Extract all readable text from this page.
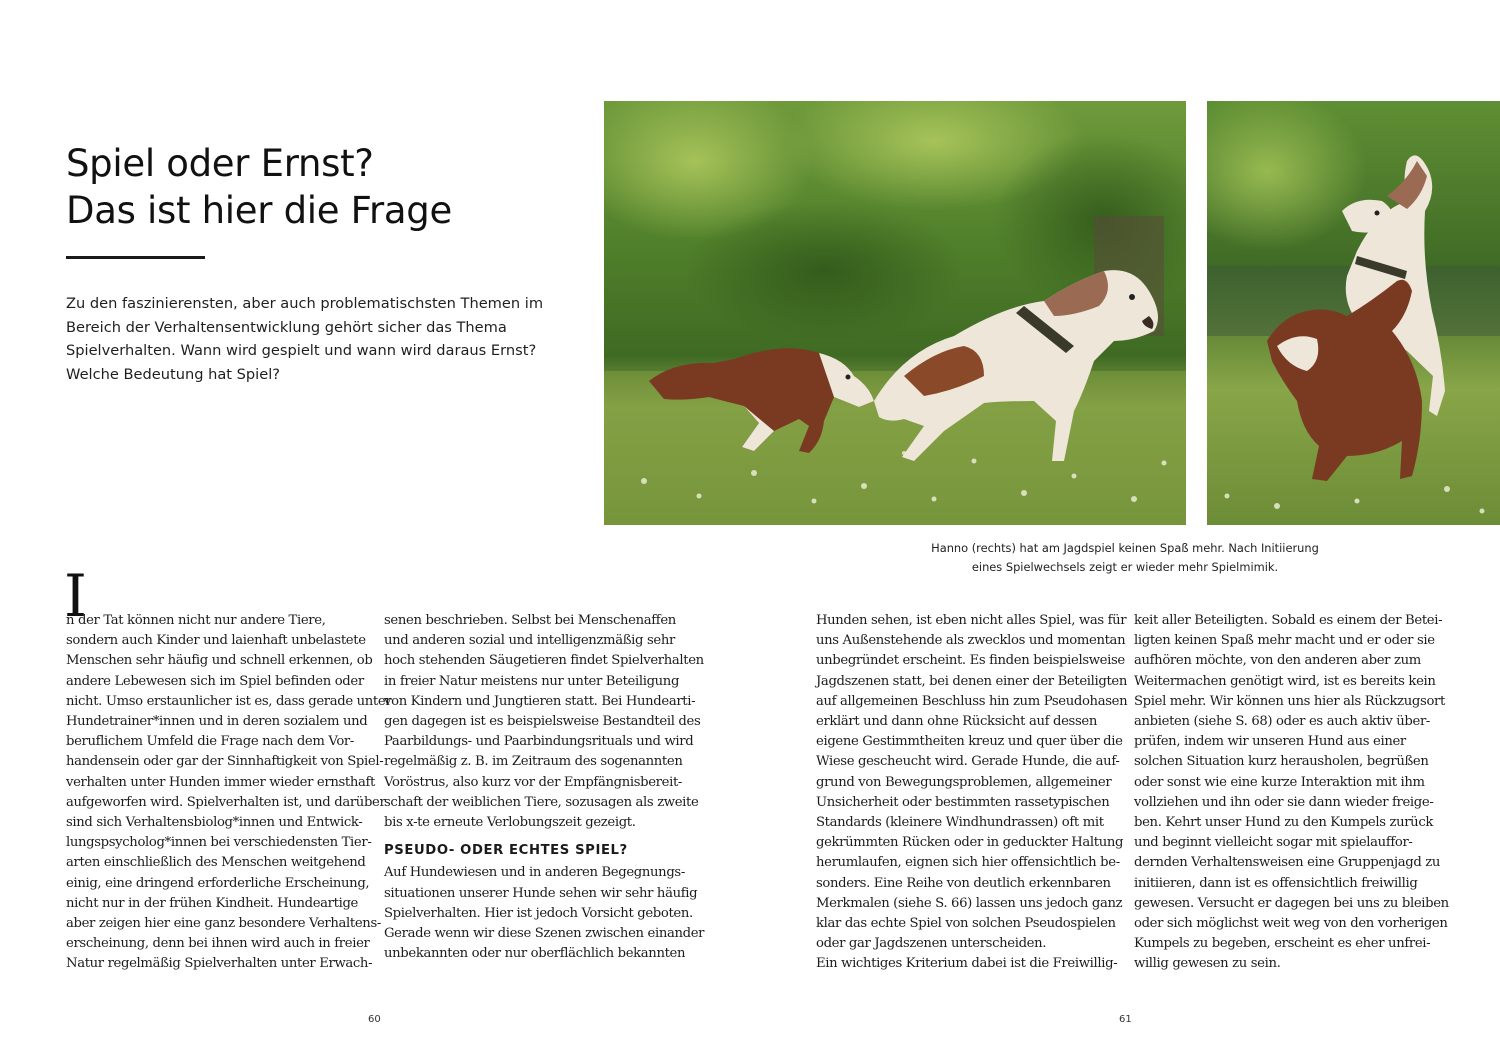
Spiel oder Ernst?
Das ist hier die Frage

Zu den faszinierensten, aber auch problematischsten Themen im
Bereich der Verhaltensentwicklung gehört sicher das Thema
Spielverhalten. Wann wird gespielt und wann wird daraus Ernst?
Welche Bedeutung hat Spiel?

Hanno (rechts) hat am Jagdspiel keinen Spaß mehr. Nach Initiierung
eines Spielwechsels zeigt er wieder mehr Spielmimik.

I
n der Tat können nicht nur andere Tiere,
sondern auch Kinder und laienhaft unbelastete
Menschen sehr häufig und schnell erkennen, ob
andere Lebewesen sich im Spiel befinden oder
nicht. Umso erstaunlicher ist es, dass gerade unter
Hundetrainer*innen und in deren sozialem und
beruflichem Umfeld die Frage nach dem Vor-
handensein oder gar der Sinnhaftigkeit von Spiel-
verhalten unter Hunden immer wieder ernsthaft
aufgeworfen wird. Spielverhalten ist, und darüber
sind sich Verhaltensbiolog*innen und Entwick-
lungspsycholog*innen bei verschiedensten Tier-
arten einschließlich des Menschen weitgehend
einig, eine dringend erforderliche Erscheinung,
nicht nur in der frühen Kindheit. Hundeartige
aber zeigen hier eine ganz besondere Verhaltens-
erscheinung, denn bei ihnen wird auch in freier
Natur regelmäßig Spielverhalten unter Erwach-
senen beschrieben. Selbst bei Menschenaffen
und anderen sozial und intelligenzmäßig sehr
hoch stehenden Säugetieren findet Spielverhalten
in freier Natur meistens nur unter Beteiligung
von Kindern und Jungtieren statt. Bei Hundearti-
gen dagegen ist es beispielsweise Bestandteil des
Paarbildungs- und Paarbindungsrituals und wird
regelmäßig z. B. im Zeitraum des sogenannten
Voröstrus, also kurz vor der Empfängnisbereit-
schaft der weiblichen Tiere, sozusagen als zweite
bis x-te erneute Verlobungszeit gezeigt.
PSEUDO- ODER ECHTES SPIEL?
Auf Hundewiesen und in anderen Begegnungs-
situationen unserer Hunde sehen wir sehr häufig
Spielverhalten. Hier ist jedoch Vorsicht geboten.
Gerade wenn wir diese Szenen zwischen einander
unbekannten oder nur oberflächlich bekannten
Hunden sehen, ist eben nicht alles Spiel, was für
uns Außenstehende als zwecklos und momentan
unbegründet erscheint. Es finden beispielsweise
Jagdszenen statt, bei denen einer der Beteiligten
auf allgemeinen Beschluss hin zum Pseudohasen
erklärt und dann ohne Rücksicht auf dessen
eigene Gestimmtheiten kreuz und quer über die
Wiese gescheucht wird. Gerade Hunde, die auf-
grund von Bewegungsproblemen, allgemeiner
Unsicherheit oder bestimmten rassetypischen
Standards (kleinere Windhundrassen) oft mit
gekrümmten Rücken oder in geduckter Haltung
herumlaufen, eignen sich hier offensichtlich be-
sonders. Eine Reihe von deutlich erkennbaren
Merkmalen (siehe S. 66) lassen uns jedoch ganz
klar das echte Spiel von solchen Pseudospielen
oder gar Jagdszenen unterscheiden.
Ein wichtiges Kriterium dabei ist die Freiwillig-
keit aller Beteiligten. Sobald es einem der Betei-
ligten keinen Spaß mehr macht und er oder sie
aufhören möchte, von den anderen aber zum
Weitermachen genötigt wird, ist es bereits kein
Spiel mehr. Wir können uns hier als Rückzugsort
anbieten (siehe S. 68) oder es auch aktiv über-
prüfen, indem wir unseren Hund aus einer
solchen Situation kurz herausholen, begrüßen
oder sonst wie eine kurze Interaktion mit ihm
vollziehen und ihn oder sie dann wieder freige-
ben. Kehrt unser Hund zu den Kumpels zurück
und beginnt vielleicht sogar mit spielauffor-
dernden Verhaltensweisen eine Gruppenjagd zu
initiieren, dann ist es offensichtlich freiwillig
gewesen. Versucht er dagegen bei uns zu bleiben
oder sich möglichst weit weg von den vorherigen
Kumpels zu begeben, erscheint es eher unfrei-
willig gewesen zu sein.
60	61
